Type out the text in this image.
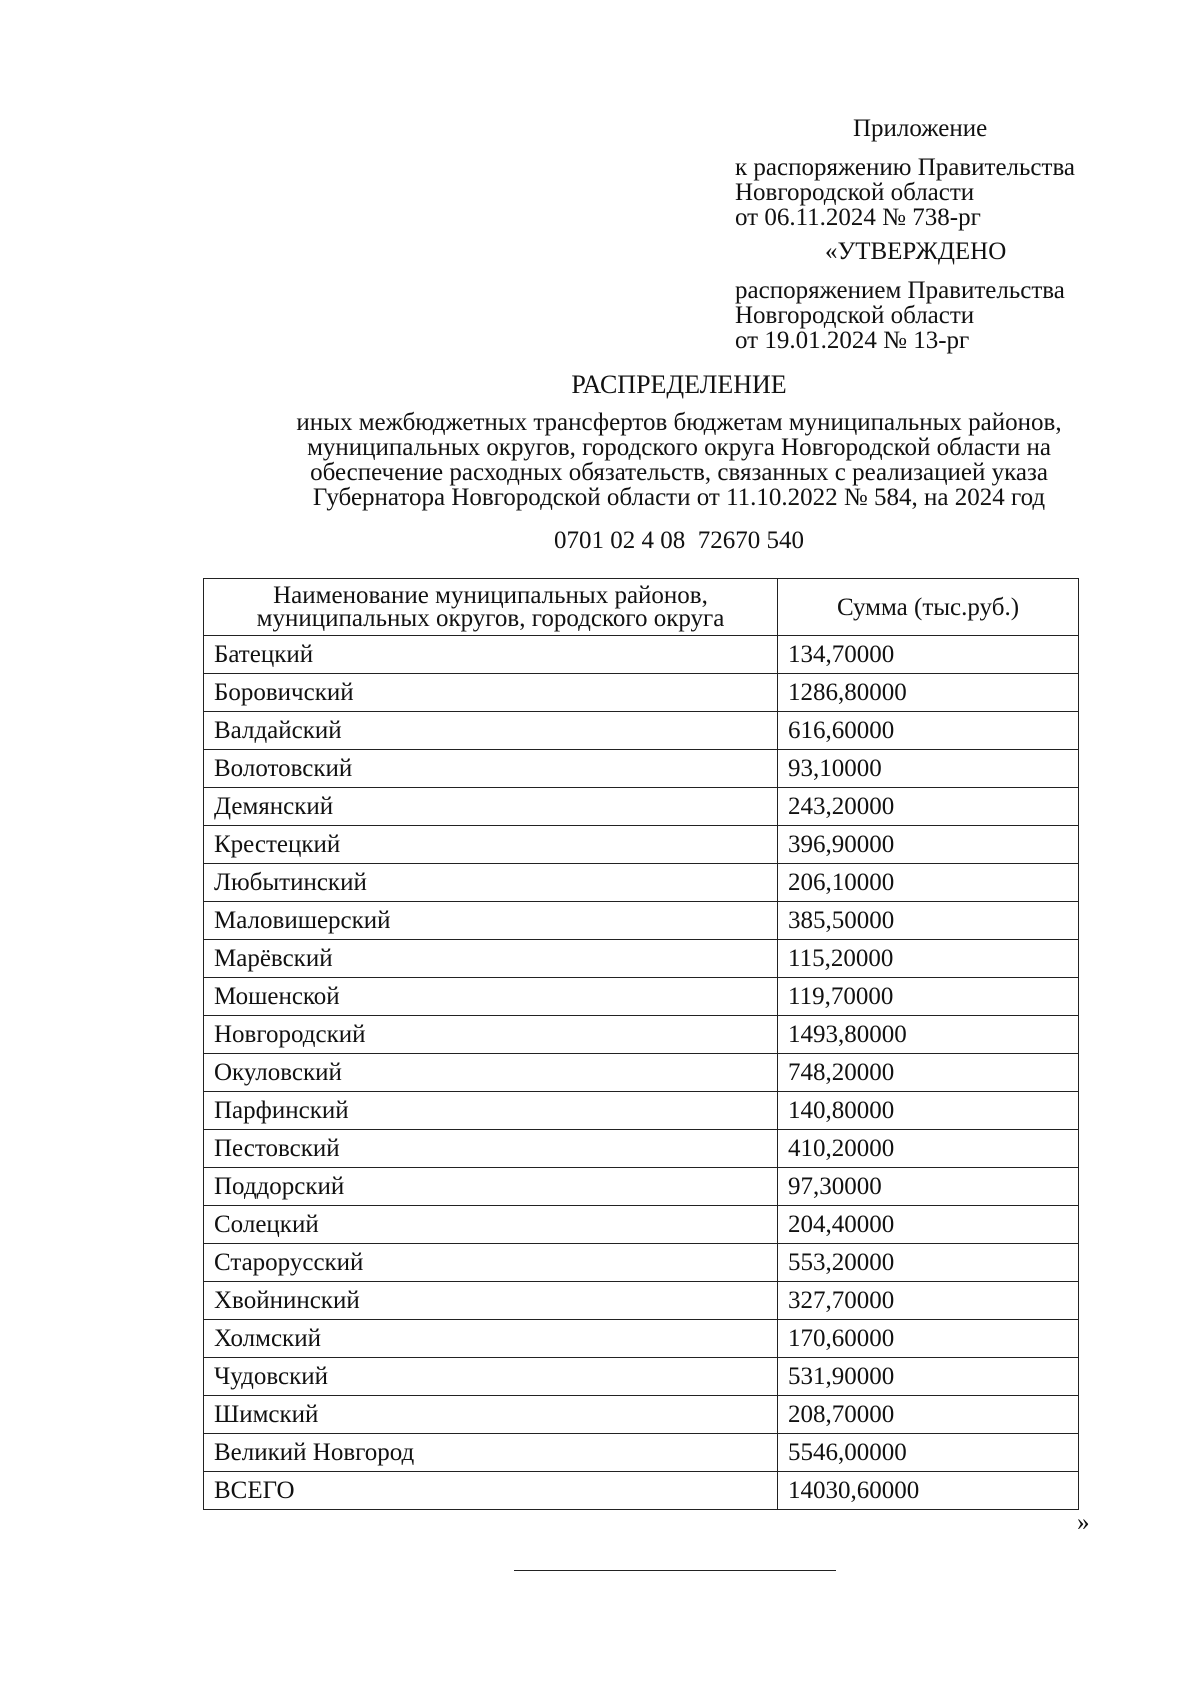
Приложение
к распоряжению Правительства
Новгородской области
от 06.11.2024 № 738-рг
«УТВЕРЖДЕНО
распоряжением Правительства
Новгородской области
от 19.01.2024 № 13-рг
РАСПРЕДЕЛЕНИЕ
иных межбюджетных трансфертов бюджетам муниципальных районов,
муниципальных округов, городского округа Новгородской области на
обеспечение расходных обязательств, связанных с реализацией указа
Губернатора Новгородской области от 11.10.2022 № 584, на 2024 год
0701 02 4 08  72670 540
Наименование муниципальных районов,
муниципальных округов, городского округа	Сумма (тыс.руб.)
Батецкий	134,70000
Боровичский	1286,80000
Валдайский	616,60000
Волотовский	93,10000
Демянский	243,20000
Крестецкий	396,90000
Любытинский	206,10000
Маловишерский	385,50000
Марёвский	115,20000
Мошенской	119,70000
Новгородский	1493,80000
Окуловский	748,20000
Парфинский	140,80000
Пестовский	410,20000
Поддорский	97,30000
Солецкий	204,40000
Старорусский	553,20000
Хвойнинский	327,70000
Холмский	170,60000
Чудовский	531,90000
Шимский	208,70000
Великий Новгород	5546,00000
ВСЕГО	14030,60000
»
